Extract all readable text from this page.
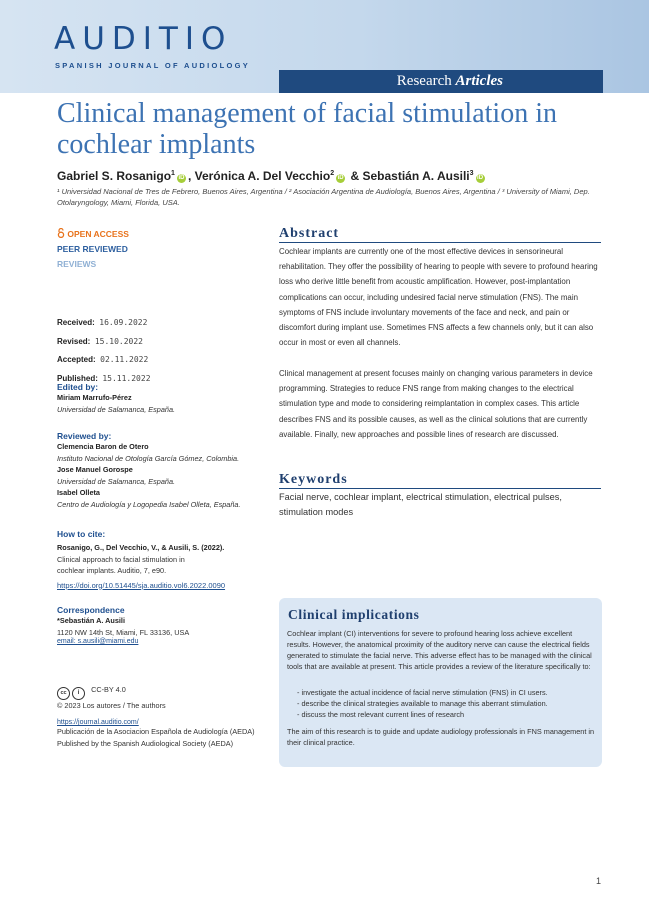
AUDITIO
SPANISH JOURNAL OF AUDIOLOGY
Research Articles
Clinical management of facial stimulation in cochlear implants
Gabriel S. Rosanigo$^1$iD , Verónica A. Del Vecchio$^2$iD & Sebastián A. Ausili$^3$iD
¹ Universidad Nacional de Tres de Febrero, Buenos Aires, Argentina / ² Asociación Argentina de Audiología, Buenos Aires, Argentina / ³ University of Miami, Dep. Otolaryngology, Miami, Florida, USA.
OPEN ACCESS
PEER REVIEWED
REVIEWS
Received: 16.09.2022
Revised: 15.10.2022
Accepted: 02.11.2022
Published: 15.11.2022
Edited by:
Miriam Marrufo-Pérez
Universidad de Salamanca, España.
Reviewed by:
Clemencia Baron de Otero
Instituto Nacional de Otología García Gómez, Colombia.
Jose Manuel Gorospe
Universidad de Salamanca, España.
Isabel Olleta
Centro de Audiología y Logopedia Isabel Olleta, España.
How to cite:
Rosanigo, G., Del Vecchio, V., & Ausili, S. (2022).
Clinical approach to facial stimulation in
cochlear implants. Auditio, 7, e90.
https://doi.org/10.51445/sja.auditio.vol6.2022.0090
Correspondence
*Sebastián A. Ausili
1120 NW 14th St, Miami, FL 33136, USA
email: s.ausili@miami.edu
cc i CC-BY 4.0
© 2023 Los autores / The authors
https://journal.auditio.com/
Publicación de la Asociacion Española de Audiología (AEDA)
Published by the Spanish Audiological Society (AEDA)
Abstract

Cochlear implants are currently one of the most effective devices in sensorineural rehabilitation. They offer the possibility of hearing to people with severe to profound hearing loss who derive little benefit from acoustic amplification. However, post-implantation complications can occur, including undesired facial nerve stimulation (FNS). The main symptoms of FNS include involuntary movements of the face and neck, and pain or discomfort during implant use. Sometimes FNS affects a few channels only, but it can also occur in most or even all channels.

Clinical management at present focuses mainly on changing various parameters in device programming. Strategies to reduce FNS range from making changes to the electrical stimulation type and mode to considering reimplantation in complex cases. This article describes FNS and its possible causes, as well as the clinical solutions that are currently available. Finally, new approaches and possible lines of research are discussed.

Keywords

Facial nerve, cochlear implant, electrical stimulation, electrical pulses, stimulation modes

Clinical implications

Cochlear implant (CI) interventions for severe to profound hearing loss achieve excellent results. However, the anatomical proximity of the auditory nerve can cause the electrical fields generated to stimulate the facial nerve. This adverse effect has to be managed with the clinical tools that are available at present. This article provides a review of the literature specifically to:

- investigate the actual incidence of facial nerve stimulation (FNS) in CI users.
- describe the clinical strategies available to manage this aberrant stimulation.
- discuss the most relevant current lines of research

The aim of this research is to guide and update audiology professionals in FNS management in their clinical practice.

1
